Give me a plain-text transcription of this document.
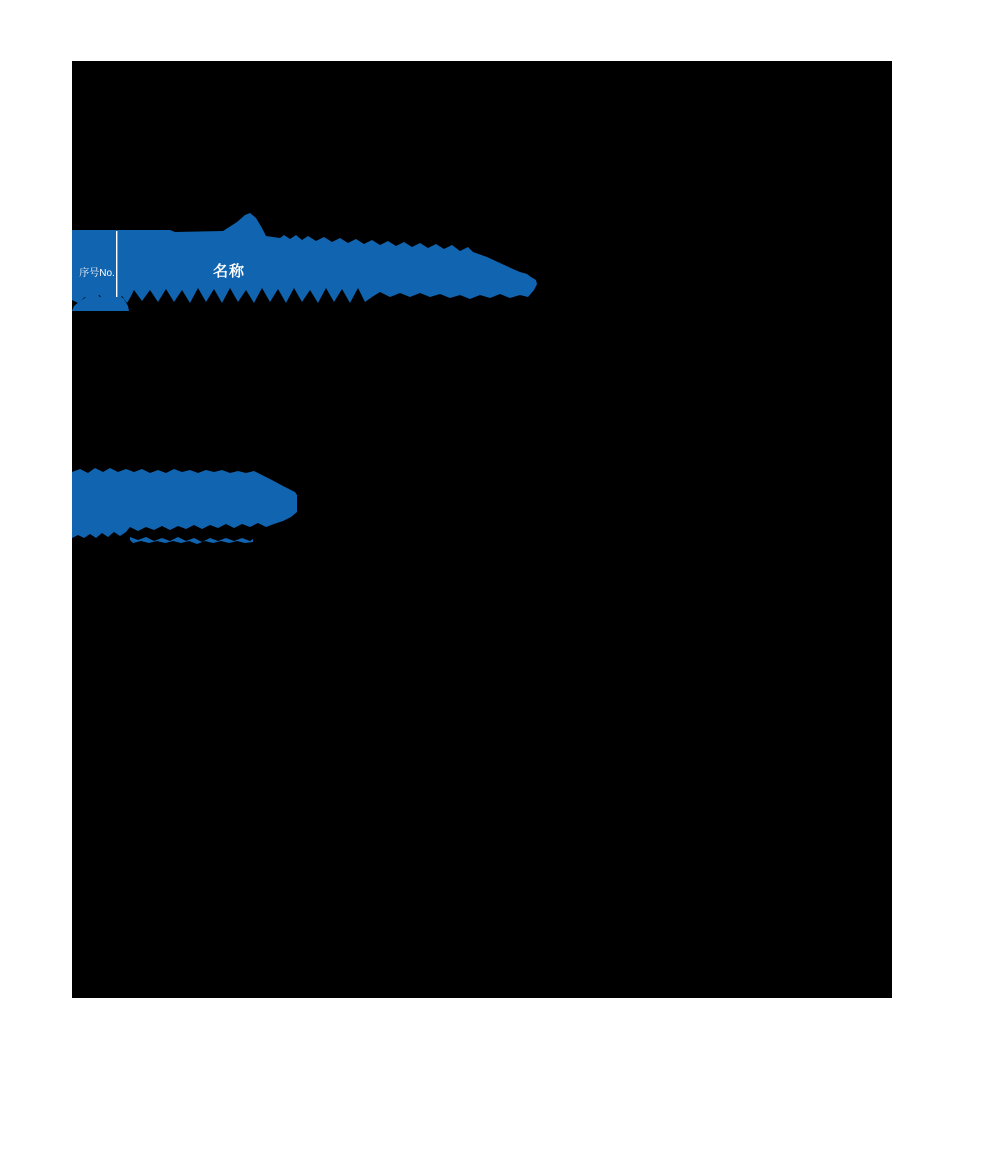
序号No.	名称
